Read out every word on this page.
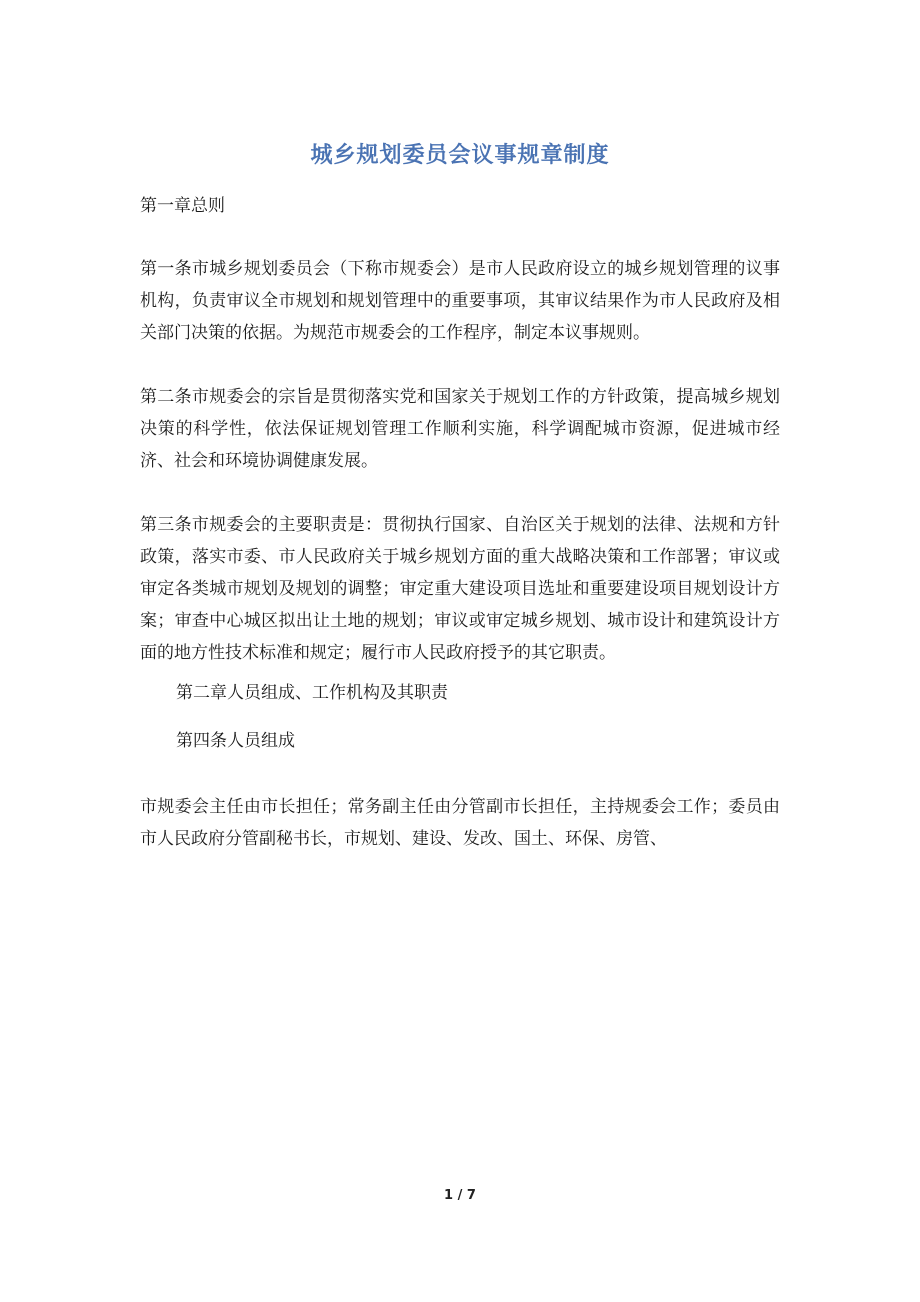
城乡规划委员会议事规章制度

第一章总则

第一条市城乡规划委员会（下称市规委会）是市人民政府设立的城乡规划管理的议事机构，负责审议全市规划和规划管理中的重要事项，其审议结果作为市人民政府及相关部门决策的依据。为规范市规委会的工作程序，制定本议事规则。

第二条市规委会的宗旨是贯彻落实党和国家关于规划工作的方针政策，提高城乡规划决策的科学性，依法保证规划管理工作顺利实施，科学调配城市资源，促进城市经济、社会和环境协调健康发展。

第三条市规委会的主要职责是：贯彻执行国家、自治区关于规划的法律、法规和方针政策，落实市委、市人民政府关于城乡规划方面的重大战略决策和工作部署；审议或审定各类城市规划及规划的调整；审定重大建设项目选址和重要建设项目规划设计方案；审查中心城区拟出让土地的规划；审议或审定城乡规划、城市设计和建筑设计方面的地方性技术标准和规定；履行市人民政府授予的其它职责。

第二章人员组成、工作机构及其职责

第四条人员组成

市规委会主任由市长担任；常务副主任由分管副市长担任，主持规委会工作；委员由市人民政府分管副秘书长，市规划、建设、发改、国土、环保、房管、

1 / 7
